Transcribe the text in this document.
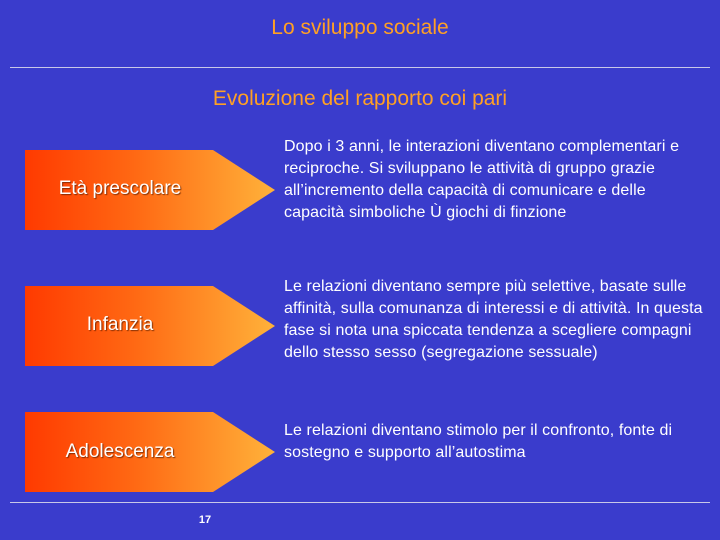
Lo sviluppo sociale
Evoluzione del rapporto coi pari
Età prescolare
Dopo i 3 anni, le interazioni diventano complementari e reciproche. Si sviluppano le attività di gruppo grazie all’incremento della capacità di comunicare e delle capacità simboliche Ù giochi di finzione
Infanzia
Le relazioni diventano sempre più selettive, basate sulle affinità, sulla comunanza di interessi e di attività. In questa fase si nota una spiccata tendenza a scegliere compagni dello stesso sesso (segregazione sessuale)
Adolescenza
Le relazioni diventano stimolo per il confronto, fonte di sostegno e supporto all’autostima
17
